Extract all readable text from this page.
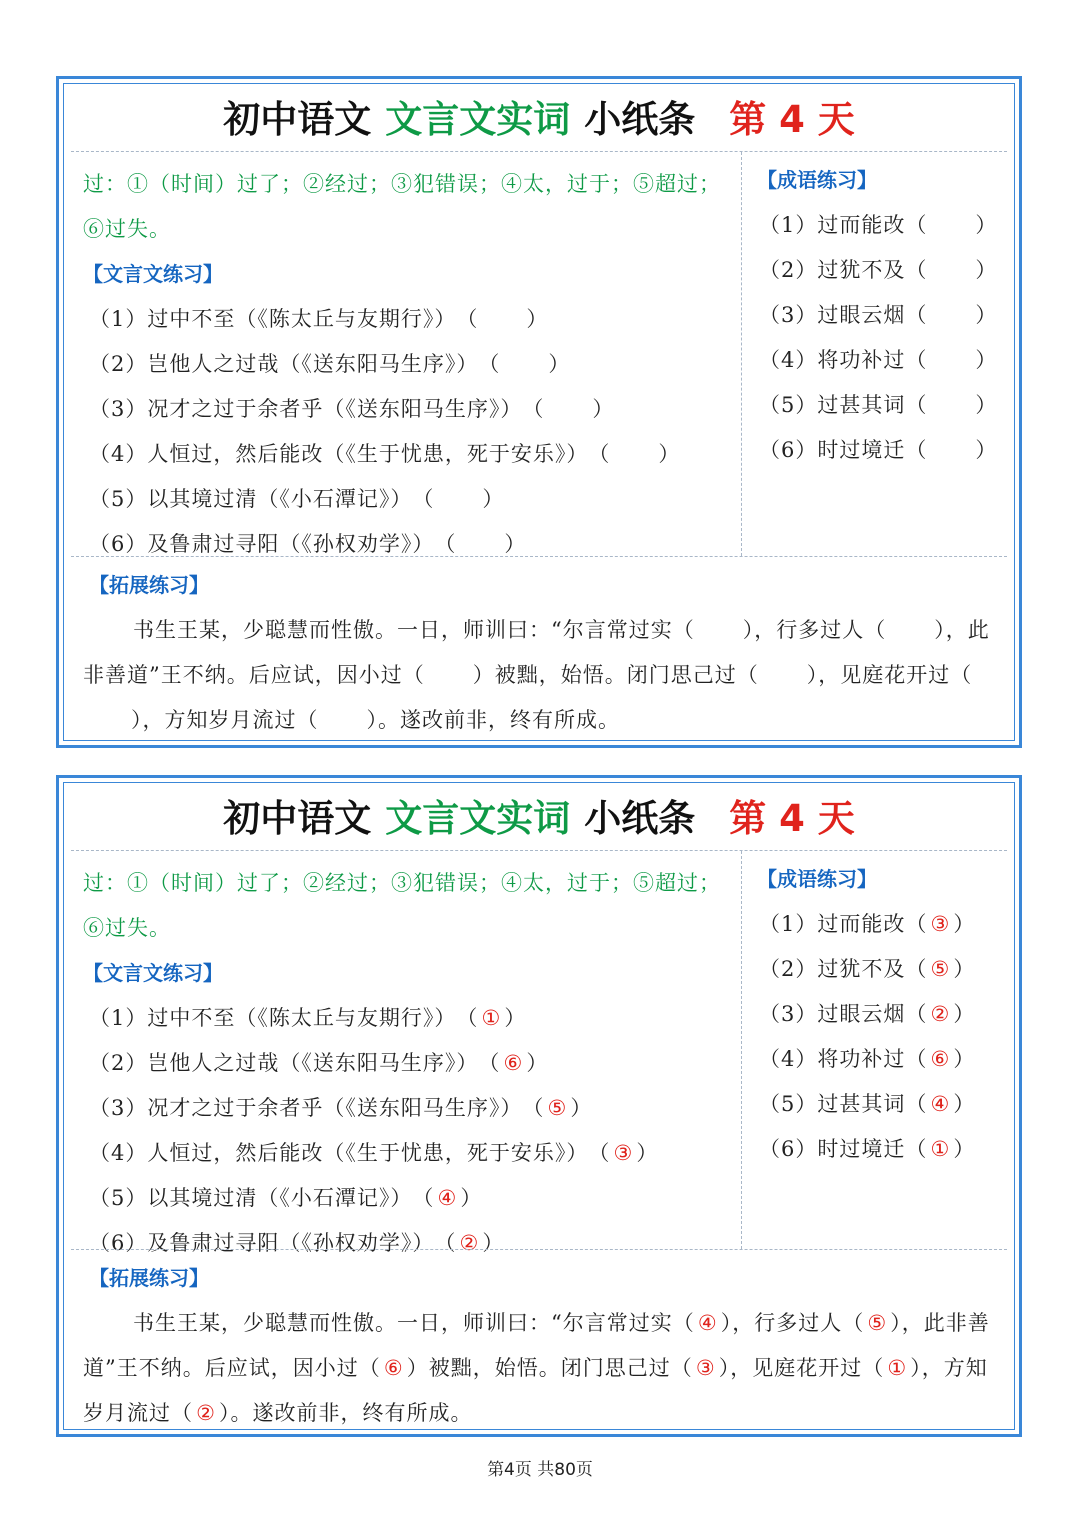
初中语文 文言文实词 小纸条 第 4 天
过：①（时间）过了；②经过；③犯错误；④太，过于；⑤超过；⑥过失。
【文言文练习】
（1）过中不至（《陈太丘与友期行》）（ ）
（2）岂他人之过哉（《送东阳马生序》）（ ）
（3）况才之过于余者乎（《送东阳马生序》）（ ）
（4）人恒过，然后能改（《生于忧患，死于安乐》）（ ）
（5）以其境过清（《小石潭记》）（ ）
（6）及鲁肃过寻阳（《孙权劝学》）（ ）
【成语练习】
（1）过而能改（ ）
（2）过犹不及（ ）
（3）过眼云烟（ ）
（4）将功补过（ ）
（5）过甚其词（ ）
（6）时过境迁（ ）
【拓展练习】
书生王某，少聪慧而性傲。一日，师训曰：“尔言常过实（ ），行多过人（ ），此非善道”王不纳。后应试，因小过（ ）被黜，始悟。闭门思己过（ ），见庭花开过（），方知岁月流过（ ）。遂改前非，终有所成。
初中语文 文言文实词 小纸条 第 4 天
过：①（时间）过了；②经过；③犯错误；④太，过于；⑤超过；⑥过失。
【文言文练习】
（1）过中不至（《陈太丘与友期行》）（ ① ）
（2）岂他人之过哉（《送东阳马生序》）（ ⑥ ）
（3）况才之过于余者乎（《送东阳马生序》）（ ⑤ ）
（4）人恒过，然后能改（《生于忧患，死于安乐》）（ ③ ）
（5）以其境过清（《小石潭记》）（ ④ ）
（6）及鲁肃过寻阳（《孙权劝学》）（ ② ）
【成语练习】
（1）过而能改（ ③ ）
（2）过犹不及（ ⑤ ）
（3）过眼云烟（ ② ）
（4）将功补过（ ⑥ ）
（5）过甚其词（ ④ ）
（6）时过境迁（ ① ）
【拓展练习】
书生王某，少聪慧而性傲。一日，师训曰：“尔言常过实（ ④ ），行多过人（ ⑤ ），此非善道”王不纳。后应试，因小过（ ⑥ ）被黜，始悟。闭门思己过（ ③ ），见庭花开过（ ① ），方知岁月流过（ ② ）。遂改前非，终有所成。
第4页 共80页
